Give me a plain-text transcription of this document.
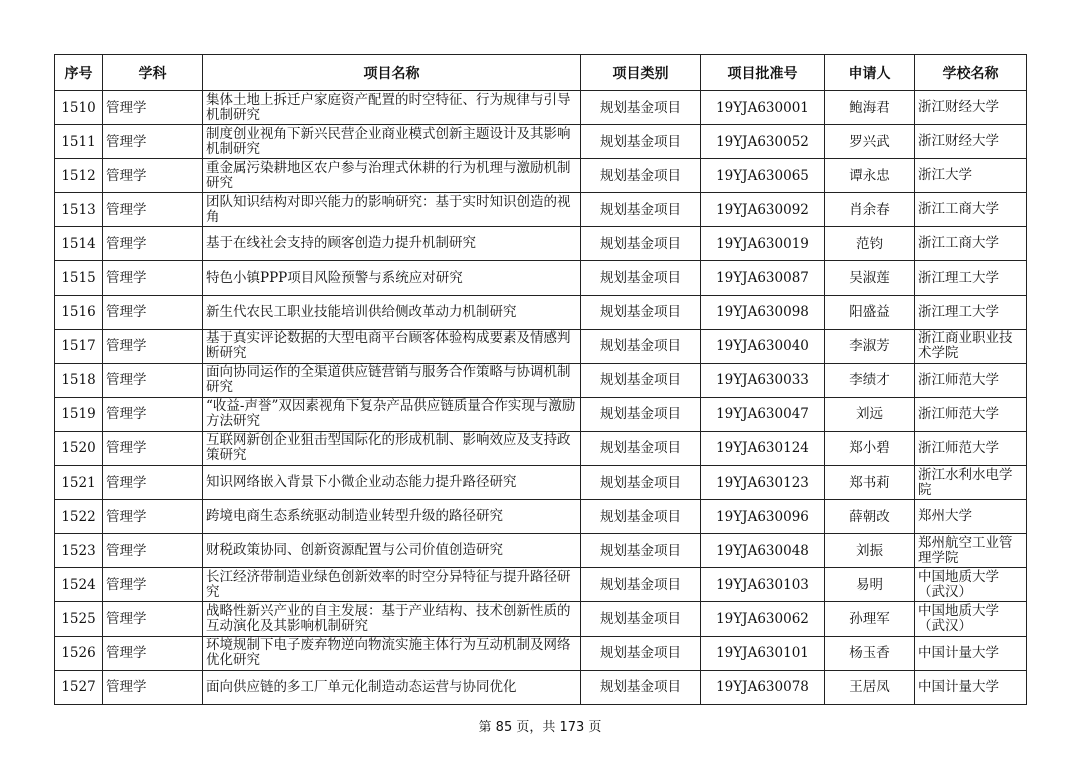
序号	学科	项目名称	项目类别	项目批准号	申请人	学校名称
1510	管理学	集体土地上拆迁户家庭资产配置的时空特征、行为规律与引导机制研究	规划基金项目	19YJA630001	鲍海君	浙江财经大学
1511	管理学	制度创业视角下新兴民营企业商业模式创新主题设计及其影响机制研究	规划基金项目	19YJA630052	罗兴武	浙江财经大学
1512	管理学	重金属污染耕地区农户参与治理式休耕的行为机理与激励机制研究	规划基金项目	19YJA630065	谭永忠	浙江大学
1513	管理学	团队知识结构对即兴能力的影响研究：基于实时知识创造的视角	规划基金项目	19YJA630092	肖余春	浙江工商大学
1514	管理学	基于在线社会支持的顾客创造力提升机制研究	规划基金项目	19YJA630019	范钧	浙江工商大学
1515	管理学	特色小镇PPP项目风险预警与系统应对研究	规划基金项目	19YJA630087	吴淑莲	浙江理工大学
1516	管理学	新生代农民工职业技能培训供给侧改革动力机制研究	规划基金项目	19YJA630098	阳盛益	浙江理工大学
1517	管理学	基于真实评论数据的大型电商平台顾客体验构成要素及情感判断研究	规划基金项目	19YJA630040	李淑芳	浙江商业职业技术学院
1518	管理学	面向协同运作的全渠道供应链营销与服务合作策略与协调机制研究	规划基金项目	19YJA630033	李绩才	浙江师范大学
1519	管理学	“收益-声誉”双因素视角下复杂产品供应链质量合作实现与激励方法研究	规划基金项目	19YJA630047	刘远	浙江师范大学
1520	管理学	互联网新创企业狙击型国际化的形成机制、影响效应及支持政策研究	规划基金项目	19YJA630124	郑小碧	浙江师范大学
1521	管理学	知识网络嵌入背景下小微企业动态能力提升路径研究	规划基金项目	19YJA630123	郑书莉	浙江水利水电学院
1522	管理学	跨境电商生态系统驱动制造业转型升级的路径研究	规划基金项目	19YJA630096	薛朝改	郑州大学
1523	管理学	财税政策协同、创新资源配置与公司价值创造研究	规划基金项目	19YJA630048	刘振	郑州航空工业管理学院
1524	管理学	长江经济带制造业绿色创新效率的时空分异特征与提升路径研究	规划基金项目	19YJA630103	易明	中国地质大学（武汉）
1525	管理学	战略性新兴产业的自主发展：基于产业结构、技术创新性质的互动演化及其影响机制研究	规划基金项目	19YJA630062	孙理军	中国地质大学（武汉）
1526	管理学	环境规制下电子废弃物逆向物流实施主体行为互动机制及网络优化研究	规划基金项目	19YJA630101	杨玉香	中国计量大学
1527	管理学	面向供应链的多工厂单元化制造动态运营与协同优化	规划基金项目	19YJA630078	王居凤	中国计量大学
第 85 页，共 173 页
